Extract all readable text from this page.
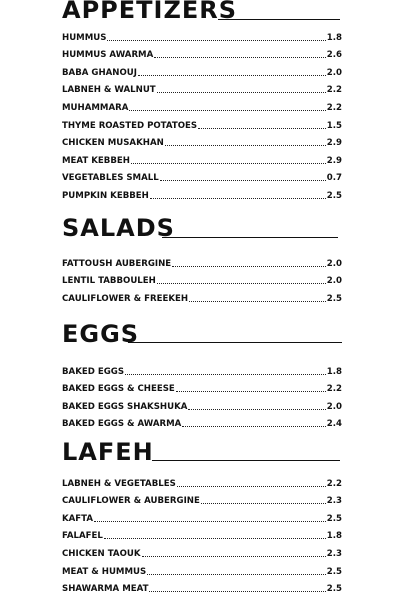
APPETIZERS
HUMMUS	1.8
HUMMUS AWARMA	2.6
BABA GHANOUJ	2.0
LABNEH & WALNUT	2.2
MUHAMMARA	2.2
THYME ROASTED POTATOES	1.5
CHICKEN MUSAKHAN	2.9
MEAT KEBBEH	2.9
VEGETABLES SMALL	0.7
PUMPKIN KEBBEH	2.5
SALADS
FATTOUSH AUBERGINE	2.0
LENTIL TABBOULEH	2.0
CAULIFLOWER & FREEKEH	2.5
EGGS
BAKED EGGS	1.8
BAKED EGGS & CHEESE	2.2
BAKED EGGS SHAKSHUKA	2.0
BAKED EGGS & AWARMA	2.4
LAFEH
LABNEH & VEGETABLES	2.2
CAULIFLOWER & AUBERGINE	2.3
KAFTA	2.5
FALAFEL	1.8
CHICKEN TAOUK	2.3
MEAT & HUMMUS	2.5
SHAWARMA MEAT	2.5
